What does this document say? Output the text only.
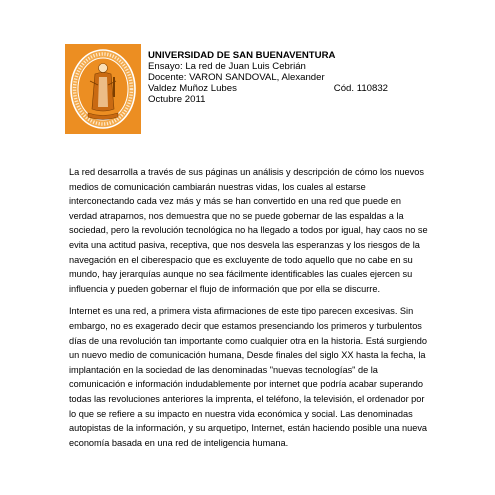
UNIVERSIDAD DE SAN BUENAVENTURA
Ensayo: La red de Juan Luis Cebrián
Docente: VARON SANDOVAL, Alexander
Valdez Muñoz Lubes	Cód. 110832
Octubre 2011

La red desarrolla a través de sus páginas un análisis y descripción de cómo los nuevos medios de comunicación cambiarán nuestras vidas, los cuales al estarse interconectando cada vez más y más se han convertido en una red que puede en verdad atraparnos, nos demuestra que no se puede gobernar de las espaldas a la sociedad, pero la revolución tecnológica no ha llegado a todos por igual, hay caos no se evita una actitud pasiva, receptiva, que nos desvela las esperanzas y los riesgos de la navegación en el ciberespacio que es excluyente de todo aquello que no cabe en su mundo, hay jerarquías aunque no sea fácilmente identificables las cuales ejercen su influencia y pueden gobernar el flujo de información que por ella se discurre.

Internet es una red, a primera vista afirmaciones de este tipo parecen excesivas. Sin embargo, no es exagerado decir que estamos presenciando los primeros y turbulentos días de una revolución tan importante como cualquier otra en la historia. Está surgiendo un nuevo medio de comunicación humana, Desde finales del siglo XX hasta la fecha, la implantación en la sociedad de las denominadas "nuevas tecnologías" de la comunicación e información indudablemente por internet que podría acabar superando todas las revoluciones anteriores la imprenta, el teléfono, la televisión, el ordenador por lo que se refiere a su impacto en nuestra vida económica y social. Las denominadas autopistas de la información, y su arquetipo, Internet, están haciendo posible una nueva economía basada en una red de inteligencia humana.
